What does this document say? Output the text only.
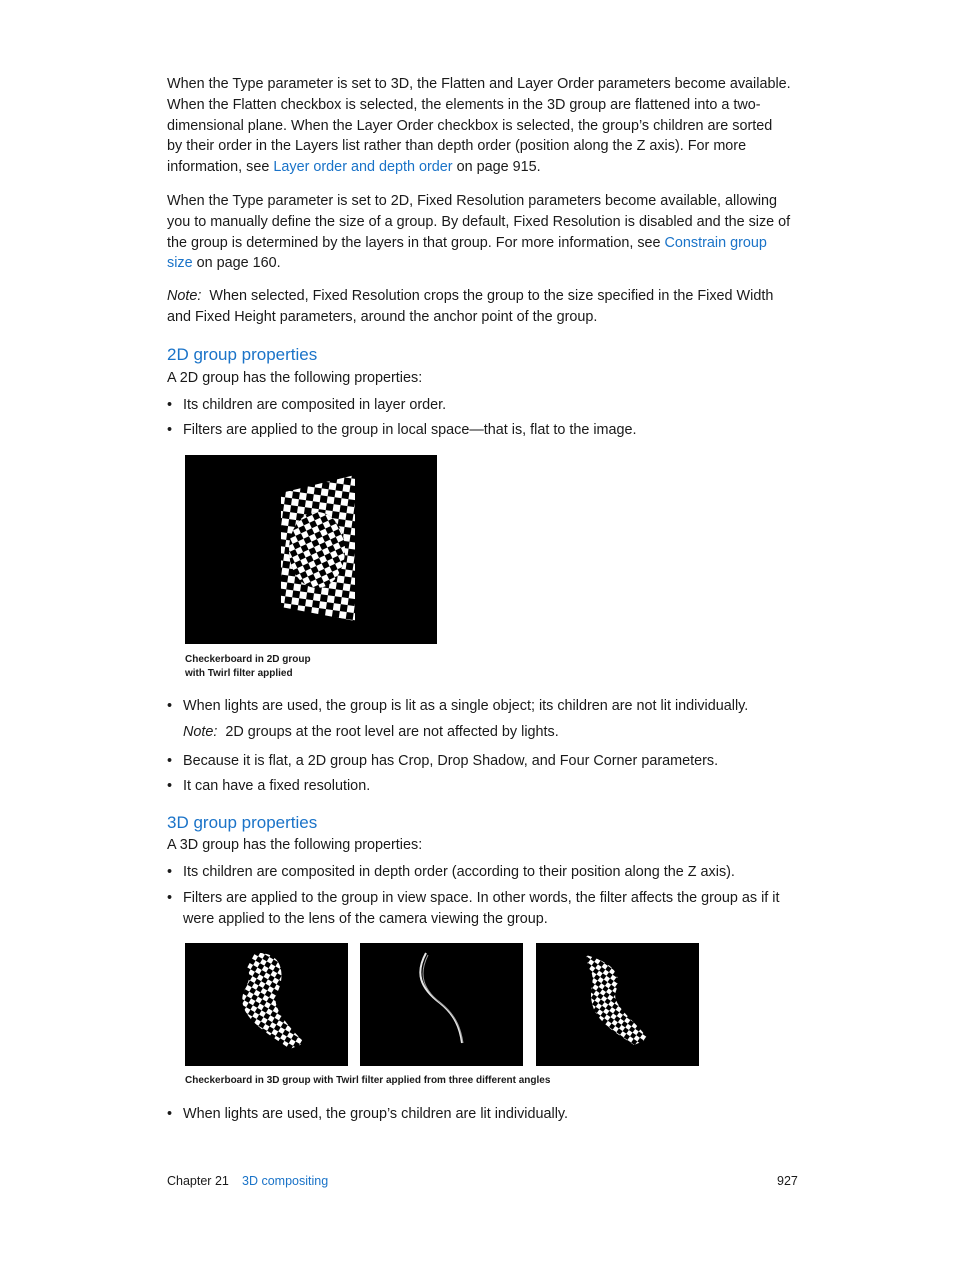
When the Type parameter is set to 3D, the Flatten and Layer Order parameters become available.
When the Flatten checkbox is selected, the elements in the 3D group are flattened into a two-
dimensional plane. When the Layer Order checkbox is selected, the group’s children are sorted
by their order in the Layers list rather than depth order (position along the Z axis). For more
information, see Layer order and depth order on page 915.
When the Type parameter is set to 2D, Fixed Resolution parameters become available, allowing
you to manually define the size of a group. By default, Fixed Resolution is disabled and the size of
the group is determined by the layers in that group. For more information, see Constrain group
size on page 160.
Note:  When selected, Fixed Resolution crops the group to the size specified in the Fixed Width
and Fixed Height parameters, around the anchor point of the group.
2D group properties

A 2D group has the following properties:

• Its children are composited in layer order.
• Filters are applied to the group in local space—that is, flat to the image.

Checkerboard in 2D group
with Twirl filter applied

• When lights are used, the group is lit as a single object; its children are not lit individually.

Note:  2D groups at the root level are not affected by lights.

• Because it is flat, a 2D group has Crop, Drop Shadow, and Four Corner parameters.
• It can have a fixed resolution.
3D group properties

A 3D group has the following properties:

• Its children are composited in depth order (according to their position along the Z axis).
• Filters are applied to the group in view space. In other words, the filter affects the group as if it
were applied to the lens of the camera viewing the group.

Checkerboard in 3D group with Twirl filter applied from three different angles

• When lights are used, the group’s children are lit individually.
Chapter 21 3D compositing	927
